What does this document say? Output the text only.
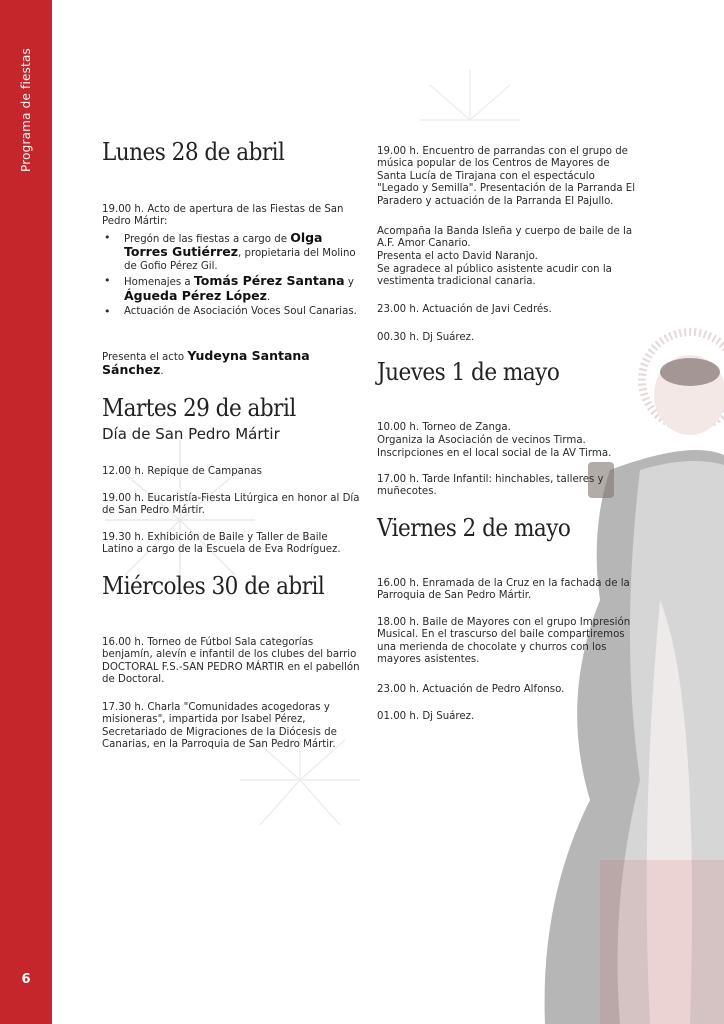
Programa de fiestas
6
Lunes 28 de abril
19.00 h. Acto de apertura de las Fiestas de San Pedro Mártir:
• Pregón de las fiestas a cargo de Olga Torres Gutiérrez, propietaria del Molino de Gofio Pérez Gil.
• Homenajes a Tomás Pérez Santana y Águeda Pérez López.
• Actuación de Asociación Voces Soul Canarias.
Presenta el acto Yudeyna Santana Sánchez.
Martes 29 de abril
Día de San Pedro Mártir
12.00 h. Repique de Campanas
19.00 h. Eucaristía-Fiesta Litúrgica en honor al Día de San Pedro Mártir.
19.30 h. Exhibición de Baile y Taller de Baile Latino a cargo de la Escuela de Eva Rodríguez.
Miércoles 30 de abril
16.00 h. Torneo de Fútbol Sala categorías benjamín, alevín e infantil de los clubes del barrio DOCTORAL F.S.-SAN PEDRO MÁRTIR en el pabellón de Doctoral.
17.30 h. Charla "Comunidades acogedoras y misioneras", impartida por Isabel Pérez, Secretariado de Migraciones de la Diócesis de Canarias, en la Parroquia de San Pedro Mártir.
19.00 h. Encuentro de parrandas con el grupo de música popular de los Centros de Mayores de Santa Lucía de Tirajana con el espectáculo "Legado y Semilla". Presentación de la Parranda El Paradero y actuación de la Parranda El Pajullo.
Acompaña la Banda Isleña y cuerpo de baile de la A.F. Amor Canario.
Presenta el acto David Naranjo.
Se agradece al público asistente acudir con la vestimenta tradicional canaria.
23.00 h. Actuación de Javi Cedrés.
00.30 h. Dj Suárez.
Jueves 1 de mayo
10.00 h. Torneo de Zanga.
Organiza la Asociación de vecinos Tirma.
Inscripciones en el local social de la AV Tirma.
17.00 h. Tarde Infantil: hinchables, talleres y muñecotes.
Viernes 2 de mayo
16.00 h. Enramada de la Cruz en la fachada de la Parroquia de San Pedro Mártir.
18.00 h. Baile de Mayores con el grupo Impresión Musical. En el trascurso del baile compartiremos una merienda de chocolate y churros con los mayores asistentes.
23.00 h. Actuación de Pedro Alfonso.
01.00 h. Dj Suárez.
